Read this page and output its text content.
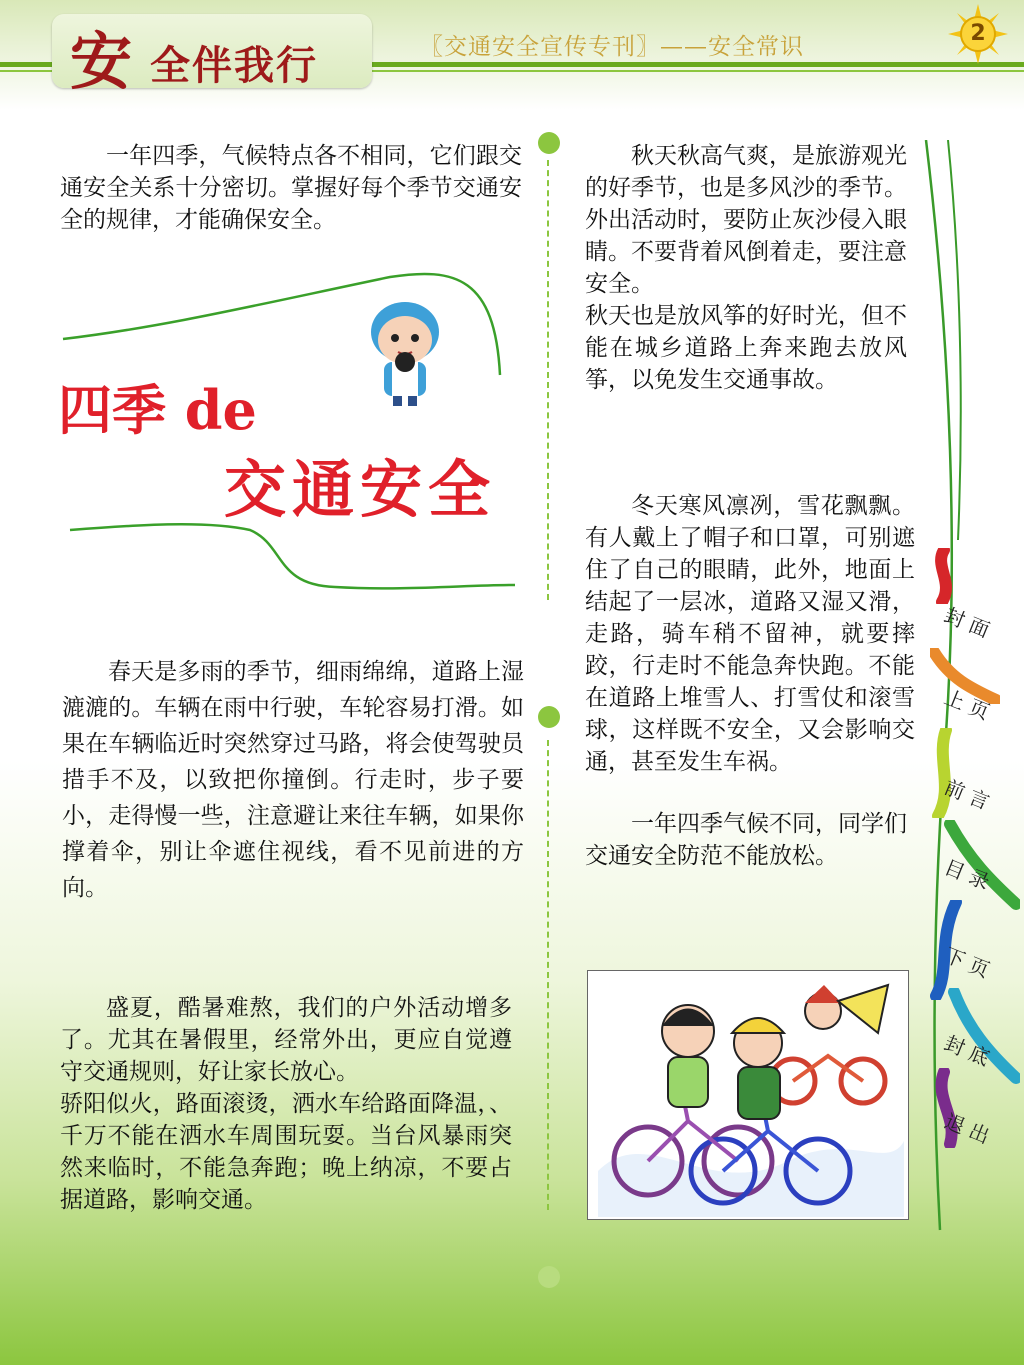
安 全伴我行	〖交通安全宣传专刊〗——安全常识
2
一年四季，气候特点各不相同，它们跟交通安全关系十分密切。掌握好每个季节交通安全的规律，才能确保安全。
四季 de
交通安全
春天是多雨的季节，细雨绵绵，道路上湿漉漉的。车辆在雨中行驶，车轮容易打滑。如果在车辆临近时突然穿过马路，将会使驾驶员措手不及，以致把你撞倒。行走时，步子要小，走得慢一些，注意避让来往车辆，如果你撑着伞，别让伞遮住视线，看不见前进的方向。
盛夏，酷暑难熬，我们的户外活动增多了。尤其在暑假里，经常外出，更应自觉遵守交通规则，好让家长放心。
骄阳似火，路面滚烫，洒水车给路面降温，、千万不能在洒水车周围玩耍。当台风暴雨突然来临时，不能急奔跑；晚上纳凉，不要占据道路，影响交通。
秋天秋高气爽，是旅游观光的好季节，也是多风沙的季节。外出活动时，要防止灰沙侵入眼睛。不要背着风倒着走，要注意安全。
秋天也是放风筝的好时光，但不能在城乡道路上奔来跑去放风筝，以免发生交通事故。
冬天寒风凛冽，雪花飘飘。有人戴上了帽子和口罩，可别遮住了自己的眼睛，此外，地面上结起了一层冰，道路又湿又滑，走路，骑车稍不留神，就要摔跤，行走时不能急奔快跑。不能在道路上堆雪人、打雪仗和滚雪球，这样既不安全，又会影响交通，甚至发生车祸。
一年四季气候不同，同学们交通安全防范不能放松。
封 面
上 页
前 言
目 录
下 页
封 底
退 出
